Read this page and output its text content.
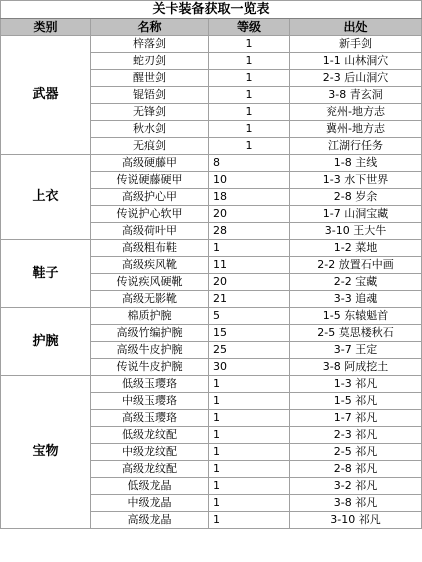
关卡装备获取一览表			
类别	名称	等级	出处
武器	梓落剑	1	新手剑
	蛇刃剑	1	1-1 山林洞穴
	醒世剑	1	2-3 后山洞穴
	锟铻剑	1	3-8 青玄洞
	无锋剑	1	兖州-地方志
	秋水剑	1	冀州-地方志
	无痕剑	1	江湖行任务
上衣	高级硬藤甲	8	1-8 主线
	传说硬藤硬甲	10	1-3 水下世界
	高级护心甲	18	2-8 岁余
	传说护心软甲	20	1-7 山洞宝藏
	高级荷叶甲	28	3-10 王大牛
鞋子	高级粗布鞋	1	1-2 菜地
	高级疾风靴	11	2-2 放置石中画
	传说疾风硬靴	20	2-2 宝藏
	高级无影靴	21	3-3 追魂
护腕	棉质护腕	5	1-5 东辕魁首
	高级竹编护腕	15	2-5 莫思楼秋石
	高级牛皮护腕	25	3-7 王定
	传说牛皮护腕	30	3-8 阿成挖土
宝物	低级玉璎珞	1	1-3 祁凡
	中级玉璎珞	1	1-5 祁凡
	高级玉璎珞	1	1-7 祁凡
	低级龙纹配	1	2-3 祁凡
	中级龙纹配	1	2-5 祁凡
	高级龙纹配	1	2-8 祁凡
	低级龙晶	1	3-2 祁凡
	中级龙晶	1	3-8 祁凡
	高级龙晶	1	3-10 祁凡
